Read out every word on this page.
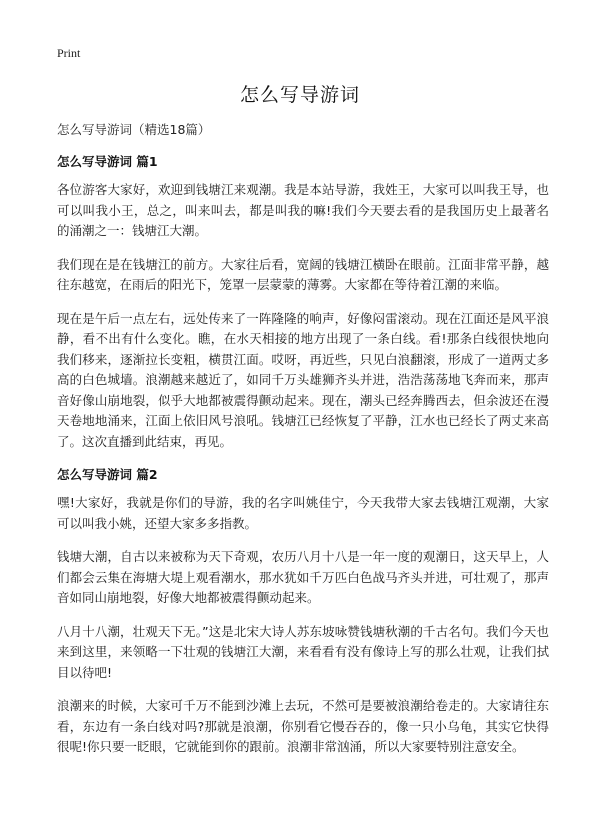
Print
怎么写导游词

怎么写导游词（精选18篇）

怎么写导游词 篇1

各位游客大家好，欢迎到钱塘江来观潮。我是本站导游，我姓王，大家可以叫我王导，也可以叫我小王，总之，叫来叫去，都是叫我的嘛!我们今天要去看的是我国历史上最著名的涌潮之一：钱塘江大潮。

我们现在是在钱塘江的前方。大家往后看，宽阔的钱塘江横卧在眼前。江面非常平静，越往东越宽，在雨后的阳光下，笼罩一层蒙蒙的薄雾。大家都在等待着江潮的来临。

现在是午后一点左右，远处传来了一阵隆隆的响声，好像闷雷滚动。现在江面还是风平浪静，看不出有什么变化。瞧，在水天相接的地方出现了一条白线。看!那条白线很快地向我们移来，逐渐拉长变粗，横贯江面。哎呀，再近些，只见白浪翻滚，形成了一道两丈多高的白色城墙。浪潮越来越近了，如同千万头雄狮齐头并进，浩浩荡荡地飞奔而来，那声音好像山崩地裂，似乎大地都被震得颤动起来。现在，潮头已经奔腾西去，但余波还在漫天卷地地涌来，江面上依旧风号浪吼。钱塘江已经恢复了平静，江水也已经长了两丈来高了。这次直播到此结束，再见。

怎么写导游词 篇2

嘿!大家好，我就是你们的导游，我的名字叫姚佳宁，今天我带大家去钱塘江观潮，大家可以叫我小姚，还望大家多多指教。

钱塘大潮，自古以来被称为天下奇观，农历八月十八是一年一度的观潮日，这天早上，人们都会云集在海塘大堤上观看潮水，那水犹如千万匹白色战马齐头并进，可壮观了，那声音如同山崩地裂，好像大地都被震得颤动起来。

八月十八潮，壮观天下无。”这是北宋大诗人苏东坡咏赞钱塘秋潮的千古名句。我们今天也来到这里，来领略一下壮观的钱塘江大潮，来看看有没有像诗上写的那么壮观，让我们拭目以待吧!

浪潮来的时候，大家可千万不能到沙滩上去玩，不然可是要被浪潮给卷走的。大家请往东看，东边有一条白线对吗?那就是浪潮，你别看它慢吞吞的，像一只小乌龟，其实它快得很呢!你只要一眨眼，它就能到你的跟前。浪潮非常汹涌，所以大家要特别注意安全。
